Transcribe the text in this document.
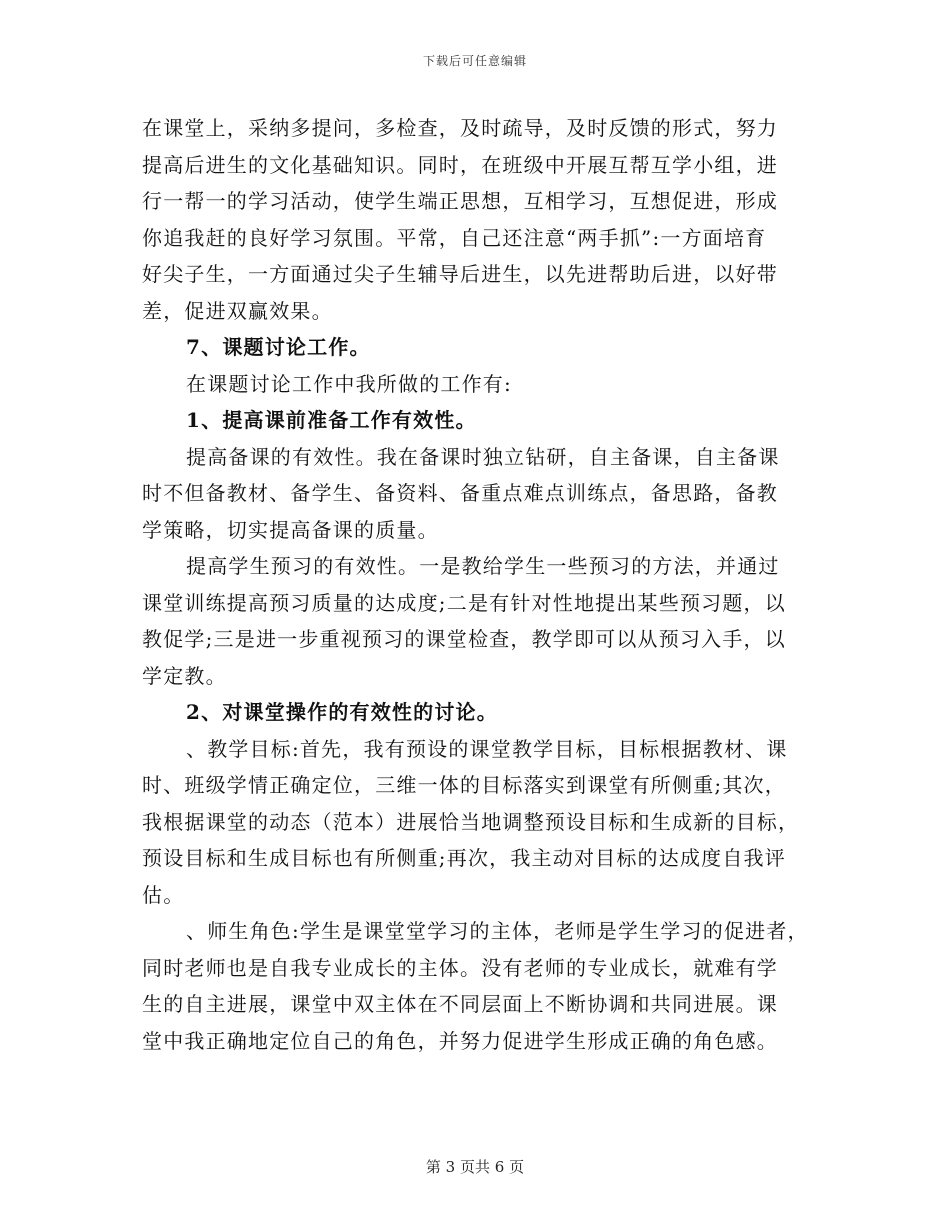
下载后可任意编辑
在课堂上，采纳多提问，多检查，及时疏导，及时反馈的形式，努力
提高后进生的文化基础知识。同时，在班级中开展互帮互学小组，进
行一帮一的学习活动，使学生端正思想，互相学习，互想促进，形成
你追我赶的良好学习氛围。平常，自己还注意“两手抓”:一方面培育
好尖子生，一方面通过尖子生辅导后进生，以先进帮助后进，以好带
差，促进双赢效果。
7、课题讨论工作。
在课题讨论工作中我所做的工作有:
1、提高课前准备工作有效性。
提高备课的有效性。我在备课时独立钻研，自主备课，自主备课
时不但备教材、备学生、备资料、备重点难点训练点，备思路，备教
学策略，切实提高备课的质量。
提高学生预习的有效性。一是教给学生一些预习的方法，并通过
课堂训练提高预习质量的达成度;二是有针对性地提出某些预习题，以
教促学;三是进一步重视预习的课堂检查，教学即可以从预习入手，以
学定教。
2、对课堂操作的有效性的讨论。
、教学目标:首先，我有预设的课堂教学目标，目标根据教材、课
时、班级学情正确定位，三维一体的目标落实到课堂有所侧重;其次，
我根据课堂的动态（范本）进展恰当地调整预设目标和生成新的目标，
预设目标和生成目标也有所侧重;再次，我主动对目标的达成度自我评
估。
、师生角色:学生是课堂堂学习的主体，老师是学生学习的促进者，
同时老师也是自我专业成长的主体。没有老师的专业成长，就难有学
生的自主进展，课堂中双主体在不同层面上不断协调和共同进展。课
堂中我正确地定位自己的角色，并努力促进学生形成正确的角色感。
第 3 页共 6 页
